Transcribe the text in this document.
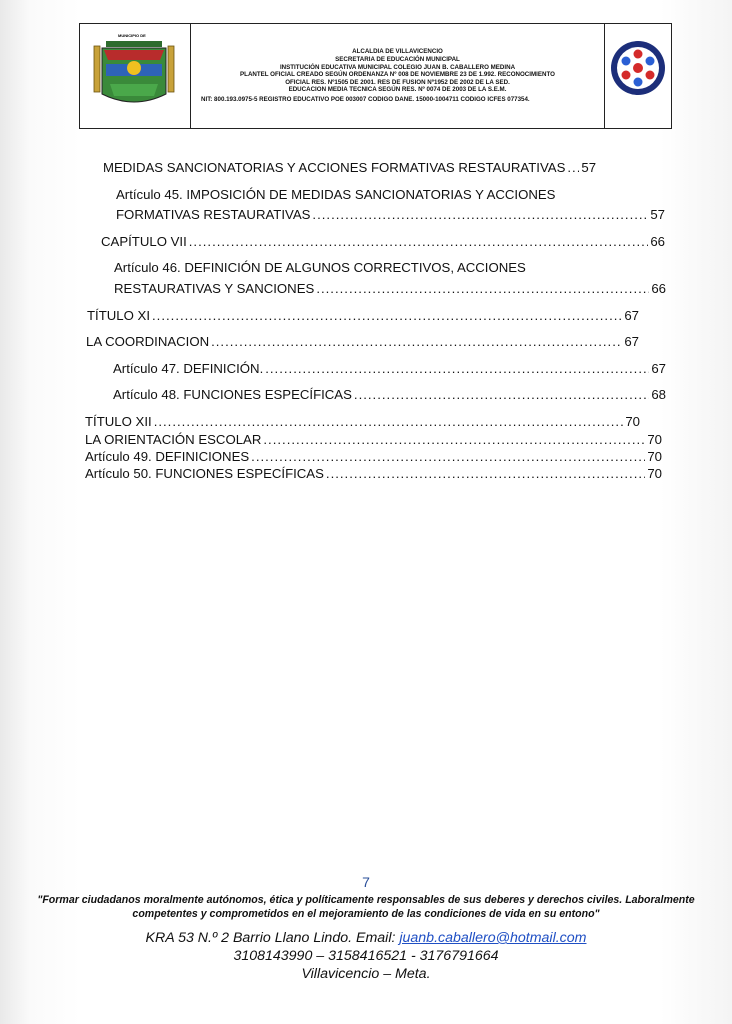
MUNICIPIO DE
ALCALDIA DE VILLAVICENCIO
SECRETARIA DE EDUCACIÓN MUNICIPAL
INSTITUCIÓN EDUCATIVA MUNICIPAL COLEGIO JUAN B. CABALLERO MEDINA
PLANTEL OFICIAL CREADO SEGÚN ORDENANZA Nº 008 DE NOVIEMBRE 23 DE 1.992. RECONOCIMIENTO
OFICIAL RES. Nº1505 DE 2001. RES DE FUSION Nº1952 DE 2002 DE LA SED.
EDUCACION MEDIA TECNICA SEGÚN RES. Nº 0074 DE 2003 DE LA S.E.M.
NIT: 800.193.0975-5 REGISTRO EDUCATIVO POE 003007 CODIGO DANE. 15000-1004711 CODIGO ICFES 077354.
MEDIDAS SANCIONATORIAS Y ACCIONES FORMATIVAS RESTAURATIVAS ..... 57
Artículo 45. IMPOSICIÓN DE MEDIDAS SANCIONATORIAS Y ACCIONES
FORMATIVAS RESTAURATIVAS .....	57
CAPÍTULO VII .....	66
Artículo 46. DEFINICIÓN DE ALGUNOS CORRECTIVOS, ACCIONES
RESTAURATIVAS Y SANCIONES .....	66
TÍTULO XI .....	67
LA COORDINACION .....	67
Artículo 47. DEFINICIÓN. .....	67
Artículo 48. FUNCIONES ESPECÍFICAS .....	68
TÍTULO XII .....	70
LA ORIENTACIÓN ESCOLAR .....	70
Artículo 49. DEFINICIONES .....	70
Artículo 50. FUNCIONES ESPECÍFICAS .....	70
7
"Formar ciudadanos moralmente autónomos, ética y políticamente responsables de sus deberes y derechos civiles. Laboralmente
competentes y comprometidos en el mejoramiento de las condiciones de vida en su entono"
KRA 53 N.º 2 Barrio Llano Lindo. Email: juanb.caballero@hotmail.com
3108143990 – 3158416521 - 3176791664
Villavicencio – Meta.
